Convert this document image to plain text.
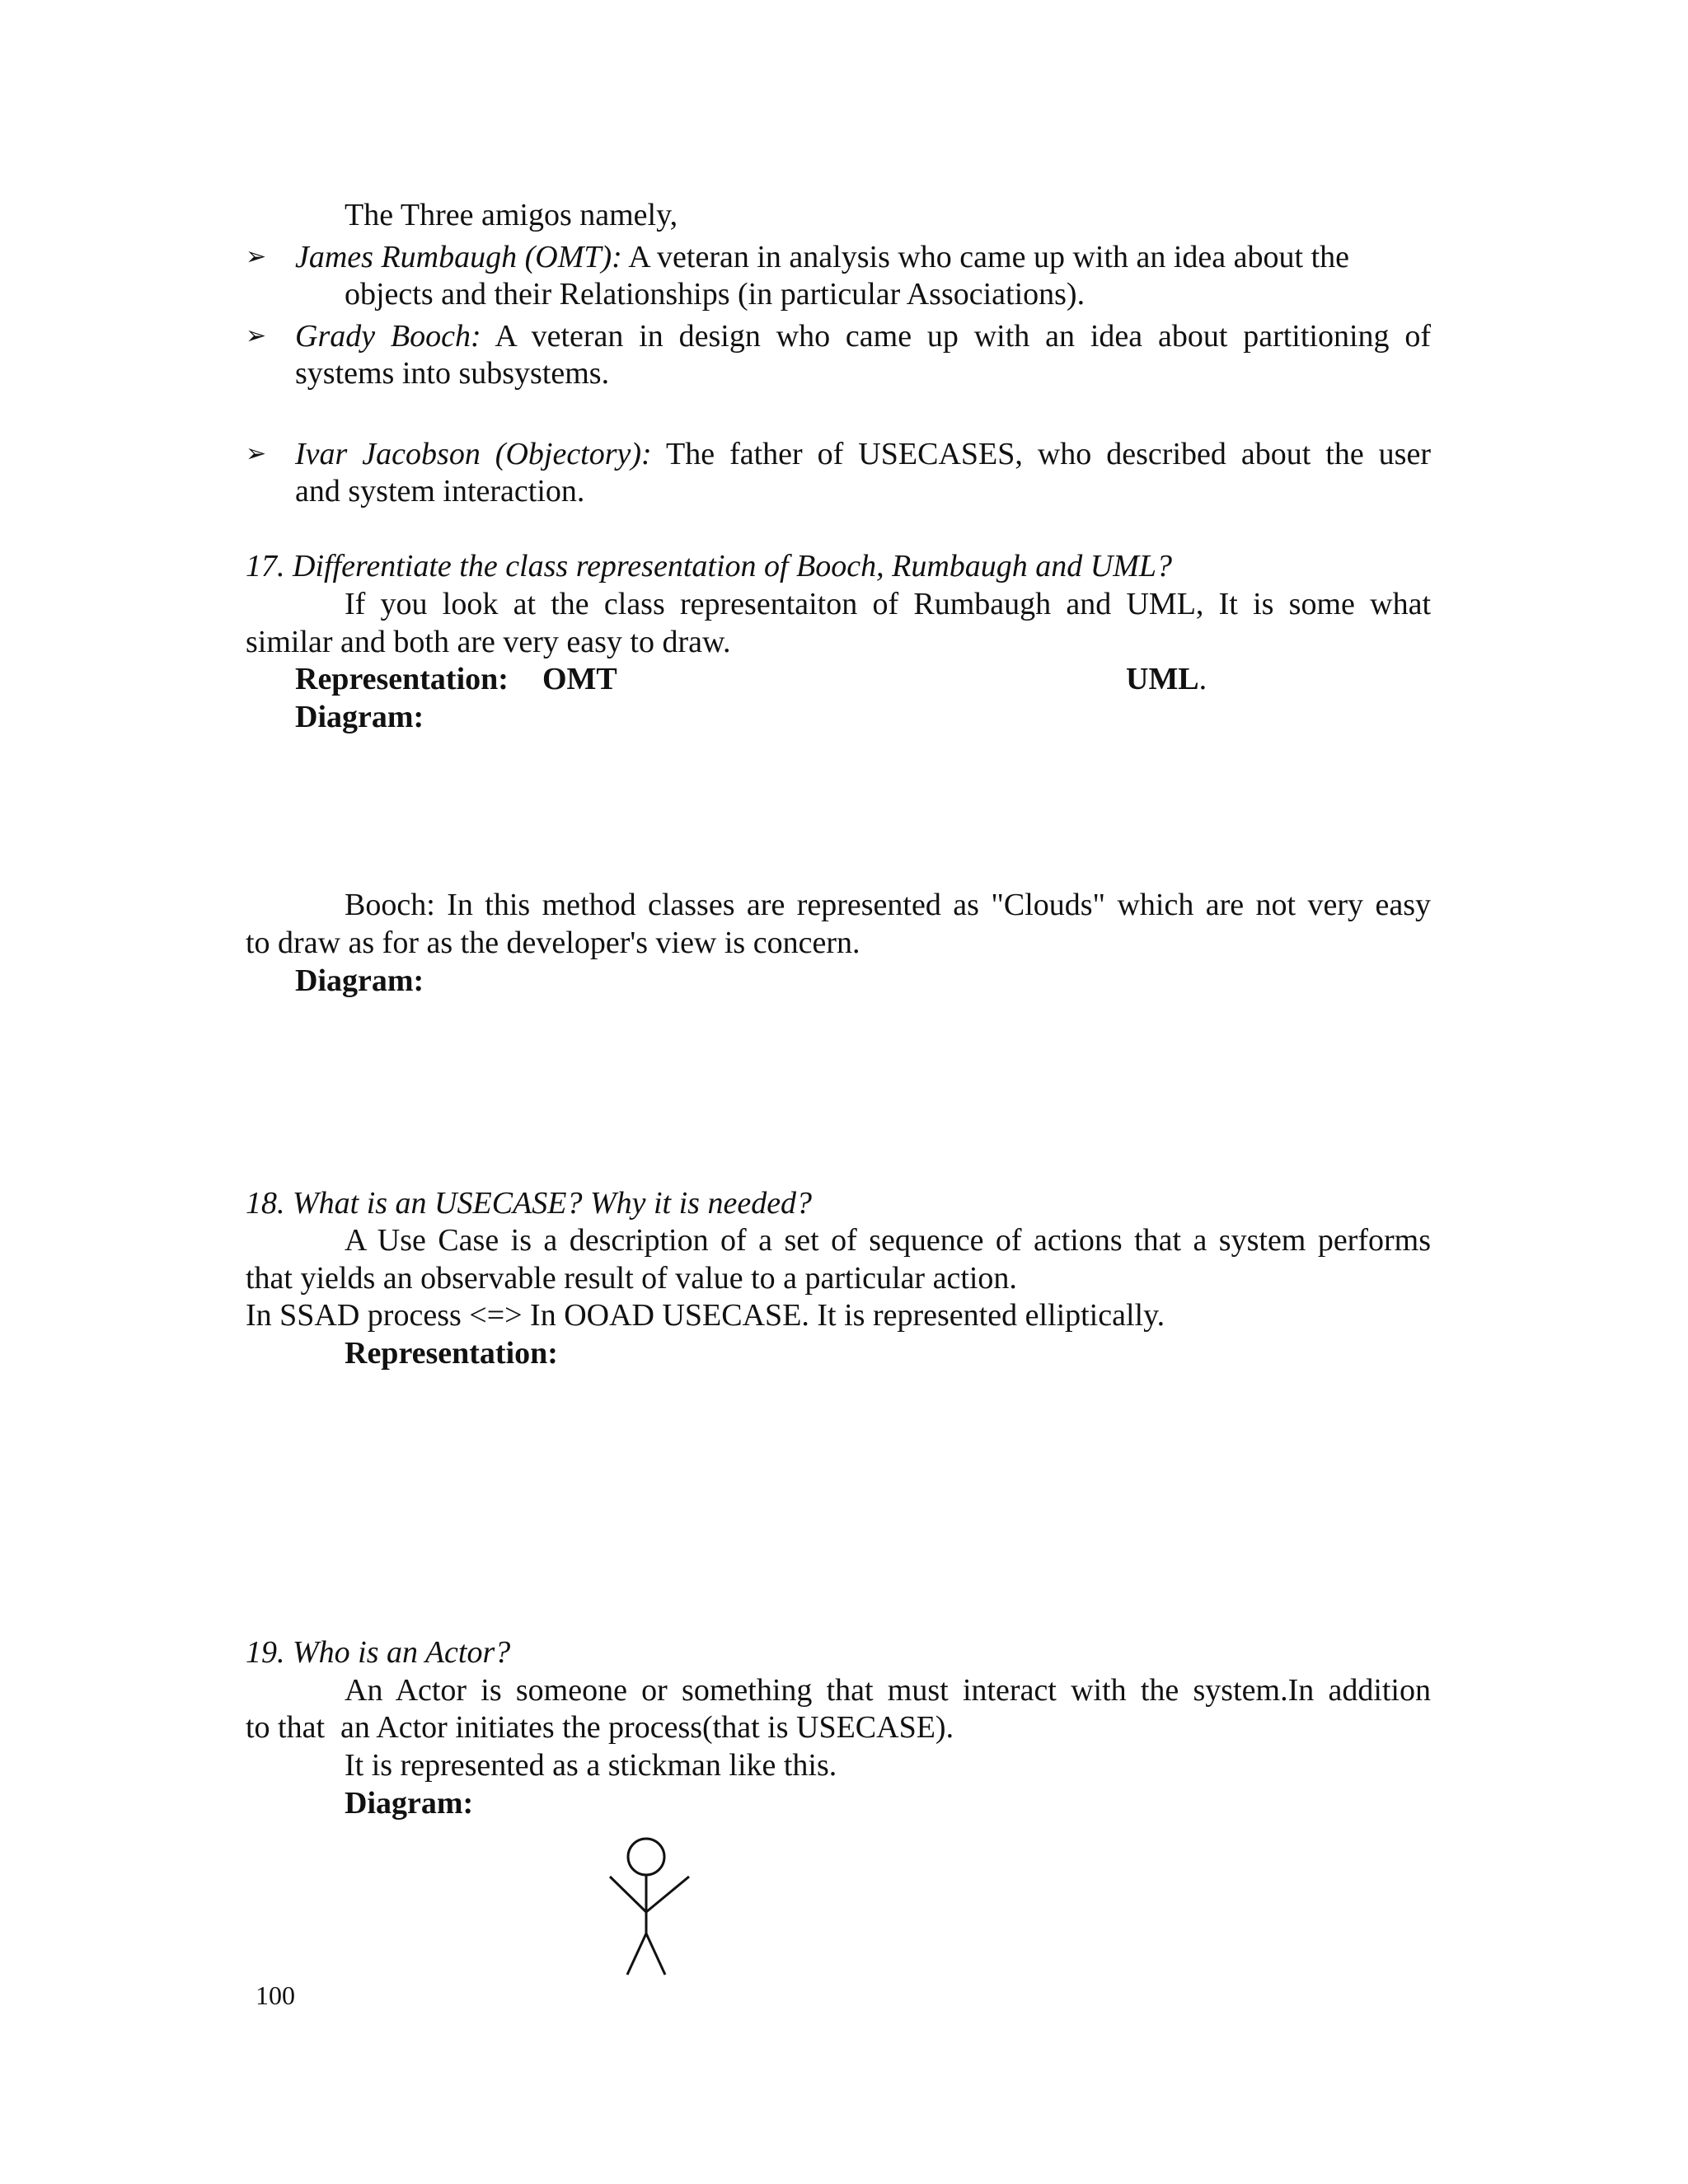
The Three amigos namely,
➢ James Rumbaugh (OMT): A veteran in analysis who came up with an idea about the
objects and their Relationships (in particular Associations).
➢ Grady Booch: A veteran in design who came up with an idea about partitioning of
systems into subsystems.
➢ Ivar Jacobson (Objectory): The father of USECASES, who described about the user
and system interaction.
17. Differentiate the class representation of Booch, Rumbaugh and UML?
If you look at the class representaiton of Rumbaugh and UML, It is some what
similar and both are very easy to draw.
Representation: OMT	UML.
Diagram:
Booch: In this method classes are represented as "Clouds" which are not very easy
to draw as for as the developer's view is concern.
Diagram:
18. What is an USECASE? Why it is needed?
A Use Case is a description of a set of sequence of actions that a system performs
that yields an observable result of value to a particular action.
In SSAD process <=> In OOAD USECASE. It is represented elliptically.
Representation:
19. Who is an Actor?
An Actor is someone or something that must interact with the system.In addition
to that  an Actor initiates the process(that is USECASE).
It is represented as a stickman like this.
Diagram:
100
